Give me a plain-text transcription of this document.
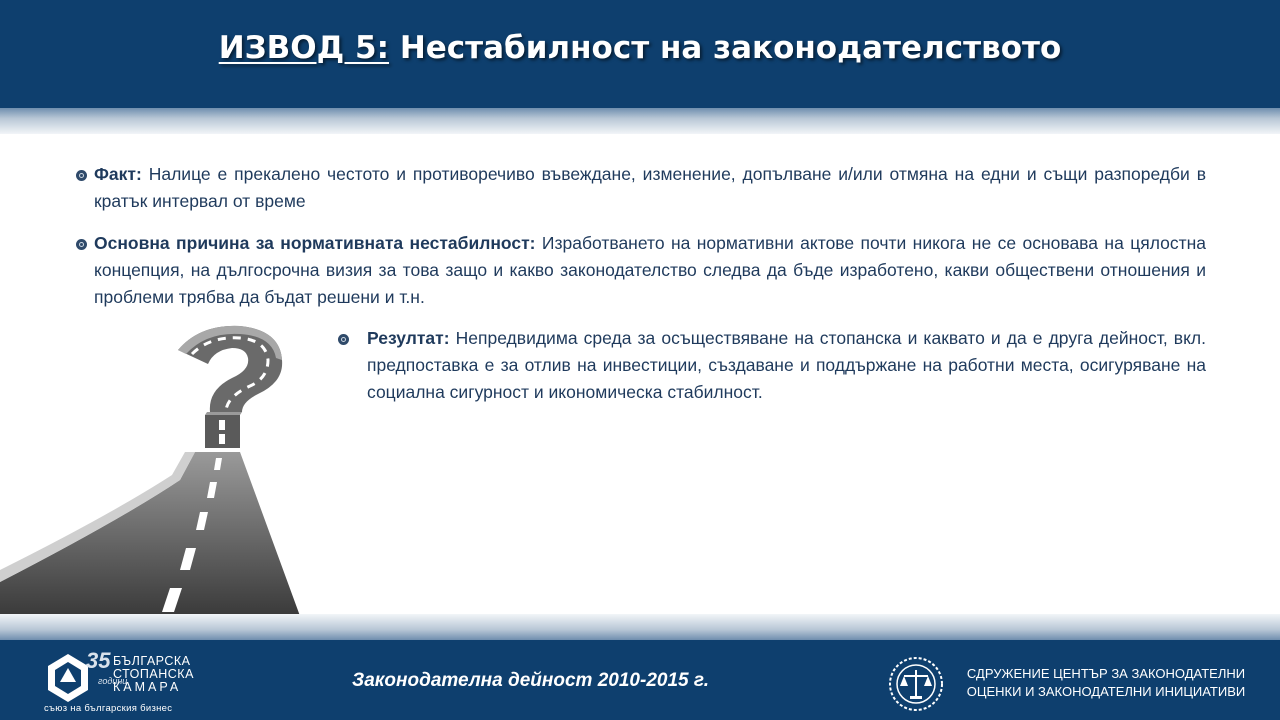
ИЗВОД 5: Нестабилност на законодателството
Факт: Налице е прекалено честото и противоречиво въвеждане, изменение, допълване и/или отмяна на едни и същи разпоредби в кратък интервал от време
Основна причина за нормативната нестабилност: Изработването на нормативни актове почти никога не се основава на цялостна концепция, на дългосрочна визия за това защо и какво законодателство следва да бъде изработено, какви обществени отношения и проблеми трябва да бъдат решени и т.н.
Резултат: Непредвидима среда за осъществяване на стопанска и каквато и да е друга дейност, вкл. предпоставка е за отлив на инвестиции, създаване и поддържане на работни места, осигуряване на социална сигурност и икономическа стабилност.
35
години
БЪЛГАРСКА
СТОПАНСКА
КАМАРА
съюз на българския бизнес
Законодателна дейност 2010-2015 г.	СДРУЖЕНИЕ ЦЕНТЪР ЗА ЗАКОНОДАТЕЛНИ
ОЦЕНКИ И ЗАКОНОДАТЕЛНИ ИНИЦИАТИВИ
